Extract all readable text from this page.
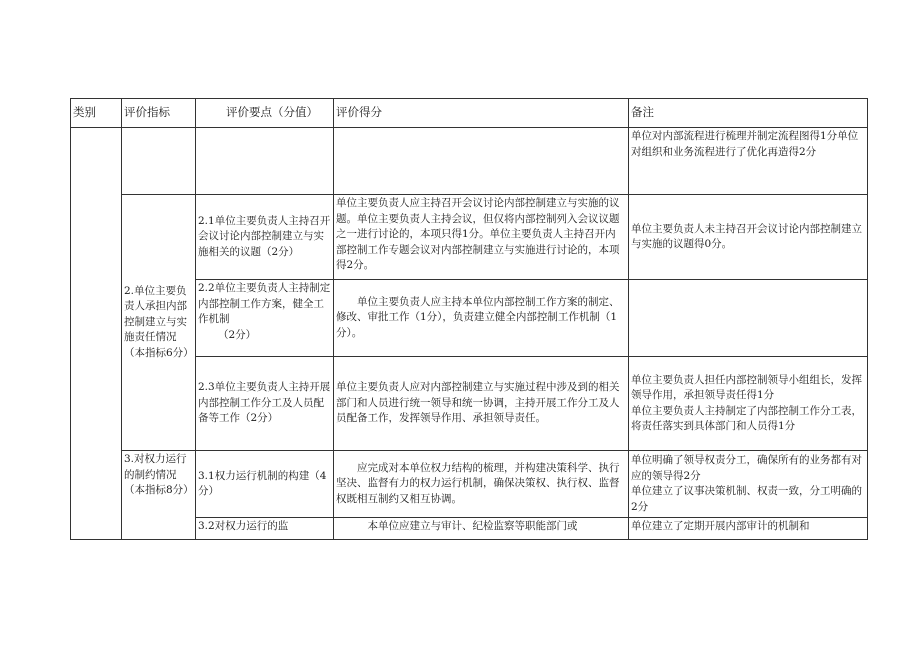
类别	评价指标	评价要点（分值）	评价得分	备注
				单位对内部流程进行梳理并制定流程图得1分单位对组织和业务流程进行了优化再造得2分
	2.单位主要负责人承担内部控制建立与实施责任情况（本指标6分）	2.1单位主要负责人主持召开会议讨论内部控制建立与实施相关的议题（2分）	单位主要负责人应主持召开会议讨论内部控制建立与实施的议题。单位主要负责人主持会议，但仅将内部控制列入会议议题之一进行讨论的，本项只得1分。单位主要负责人主持召开内部控制工作专题会议对内部控制建立与实施进行讨论的，本项得2分。	单位主要负责人未主持召开会议讨论内部控制建立与实施的议题得0分。

		2.2单位主要负责人主持制定内部控制工作方案，健全工作机制
（2分）	单位主要负责人应主持本单位内部控制工作方案的制定、修改、审批工作（1分），负责建立健全内部控制工作机制（1分）。	
		2.3单位主要负责人主持开展内部控制工作分工及人员配备等工作（2分）	单位主要负责人应对内部控制建立与实施过程中涉及到的相关部门和人员进行统一领导和统一协调，主持开展工作分工及人员配备工作，发挥领导作用、承担领导责任。	单位主要负责人担任内部控制领导小组组长，发挥领导作用，承担领导责任得1分
单位主要负责人主持制定了内部控制工作分工表，将责任落实到具体部门和人员得1分

	3.对权力运行的制约情况（本指标8分）	3.1权力运行机制的构建（4分）	应完成对本单位权力结构的梳理，并构建决策科学、执行坚决、监督有力的权力运行机制，确保决策权、执行权、监督权既相互制约又相互协调。	单位明确了领导权责分工，确保所有的业务都有对应的领导得2分
单位建立了议事决策机制、权责一致，分工明确的2分

		3.2对权力运行的监	本单位应建立与审计、纪检监察等职能部门或	单位建立了定期开展内部审计的机制和
